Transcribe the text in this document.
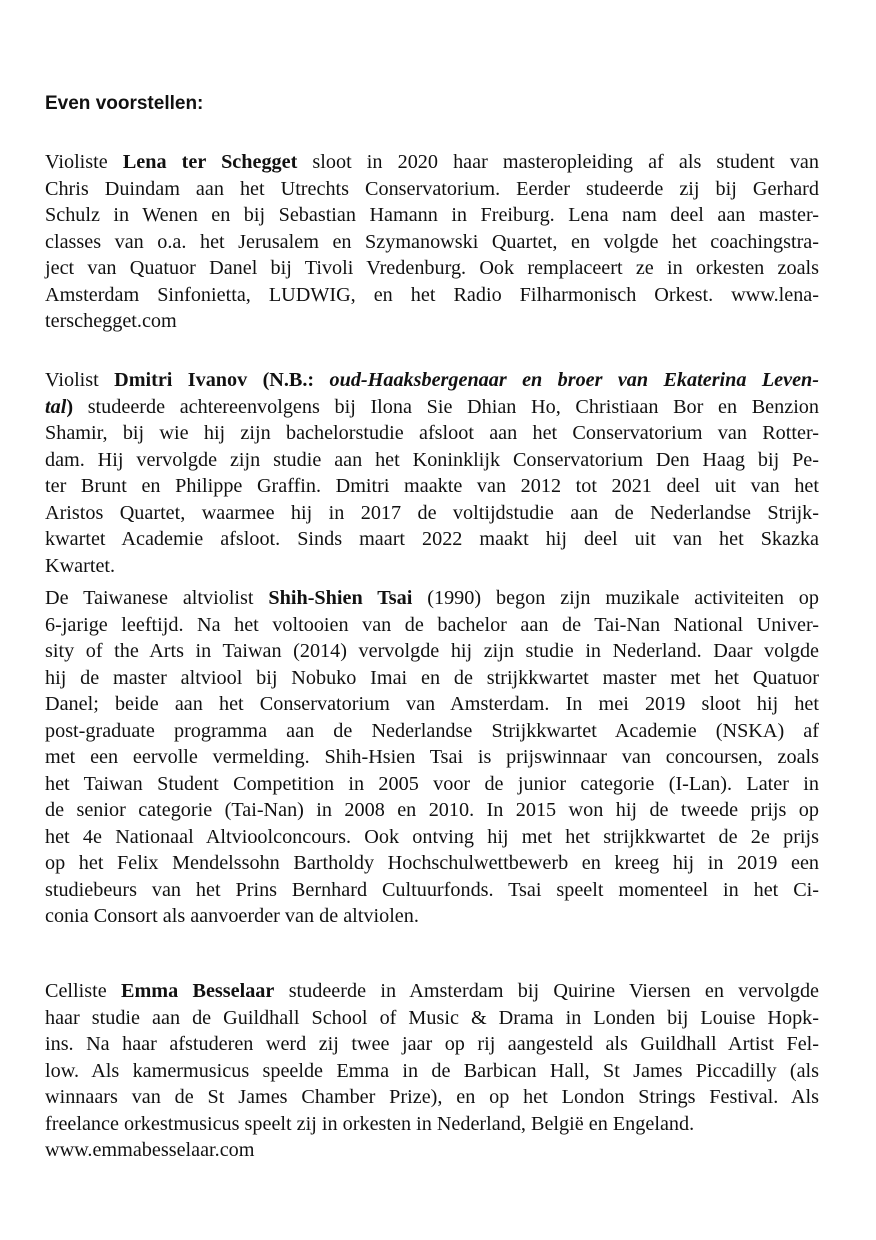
Even voorstellen:

Violiste Lena ter Schegget sloot in 2020 haar masteropleiding af als student van
Chris Duindam aan het Utrechts Conservatorium. Eerder studeerde zij bij Gerhard
Schulz in Wenen en bij Sebastian Hamann in Freiburg. Lena nam deel aan master-
classes van o.a. het Jerusalem en Szymanowski Quartet, en volgde het coachingstra-
ject van Quatuor Danel bij Tivoli Vredenburg. Ook remplaceert ze in orkesten zoals
Amsterdam Sinfonietta, LUDWIG, en het Radio Filharmonisch Orkest. www.lena-
terschegget.com

Violist Dmitri Ivanov (N.B.: oud-Haaksbergenaar en broer van Ekaterina Leven-
tal) studeerde achtereenvolgens bij Ilona Sie Dhian Ho, Christiaan Bor en Benzion
Shamir, bij wie hij zijn bachelorstudie afsloot aan het Conservatorium van Rotter-
dam. Hij vervolgde zijn studie aan het Koninklijk Conservatorium Den Haag bij Pe-
ter Brunt en Philippe Graffin. Dmitri maakte van 2012 tot 2021 deel uit van het
Aristos Quartet, waarmee hij in 2017 de voltijdstudie aan de Nederlandse Strijk-
kwartet Academie afsloot. Sinds maart 2022 maakt hij deel uit van het Skazka
Kwartet.

De Taiwanese altviolist Shih-Shien Tsai (1990) begon zijn muzikale activiteiten op
6-jarige leeftijd. Na het voltooien van de bachelor aan de Tai-Nan National Univer-
sity of the Arts in Taiwan (2014) vervolgde hij zijn studie in Nederland. Daar volgde
hij de master altviool bij Nobuko Imai en de strijkkwartet master met het Quatuor
Danel; beide aan het Conservatorium van Amsterdam. In mei 2019 sloot hij het
post-graduate programma aan de Nederlandse Strijkkwartet Academie (NSKA) af
met een eervolle vermelding. Shih-Hsien Tsai is prijswinnaar van concoursen, zoals
het Taiwan Student Competition in 2005 voor de junior categorie (I-Lan). Later in
de senior categorie (Tai-Nan) in 2008 en 2010. In 2015 won hij de tweede prijs op
het 4e Nationaal Altvioolconcours. Ook ontving hij met het strijkkwartet de 2e prijs
op het Felix Mendelssohn Bartholdy Hochschulwettbewerb en kreeg hij in 2019 een
studiebeurs van het Prins Bernhard Cultuurfonds. Tsai speelt momenteel in het Ci-
conia Consort als aanvoerder van de altviolen.

Celliste Emma Besselaar studeerde in Amsterdam bij Quirine Viersen en vervolgde
haar studie aan de Guildhall School of Music & Drama in Londen bij Louise Hopk-
ins. Na haar afstuderen werd zij twee jaar op rij aangesteld als Guildhall Artist Fel-
low. Als kamermusicus speelde Emma in de Barbican Hall, St James Piccadilly (als
winnaars van de St James Chamber Prize), en op het London Strings Festival. Als
freelance orkestmusicus speelt zij in orkesten in Nederland, België en Engeland.
www.emmabesselaar.com
